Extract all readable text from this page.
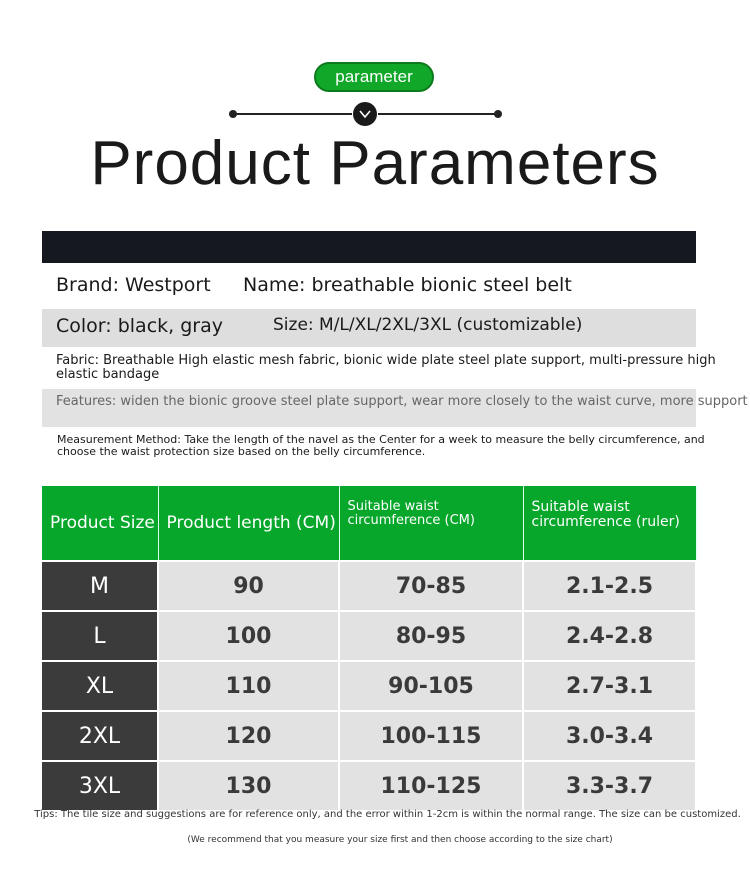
parameter
Product Parameters
Brand: Westport Name: breathable bionic steel belt
Color: black, gray	Size: M/L/XL/2XL/3XL (customizable)
Fabric: Breathable High elastic mesh fabric, bionic wide plate steel plate support, multi-pressure high elastic bandage
Features: widen the bionic groove steel plate support, wear more closely to the waist curve, more support
Measurement Method: Take the length of the navel as the Center for a week to measure the belly circumference, and choose the waist protection size based on the belly circumference.
Product Size	Product length (CM)	Suitable waist circumference (CM)	Suitable waist circumference (ruler)
M	90	70-85	2.1-2.5
L	100	80-95	2.4-2.8
XL	110	90-105	2.7-3.1
2XL	120	100-115	3.0-3.4
3XL	130	110-125	3.3-3.7
Tips: The tile size and suggestions are for reference only, and the error within 1-2cm is within the normal range. The size can be customized.
(We recommend that you measure your size first and then choose according to the size chart)
